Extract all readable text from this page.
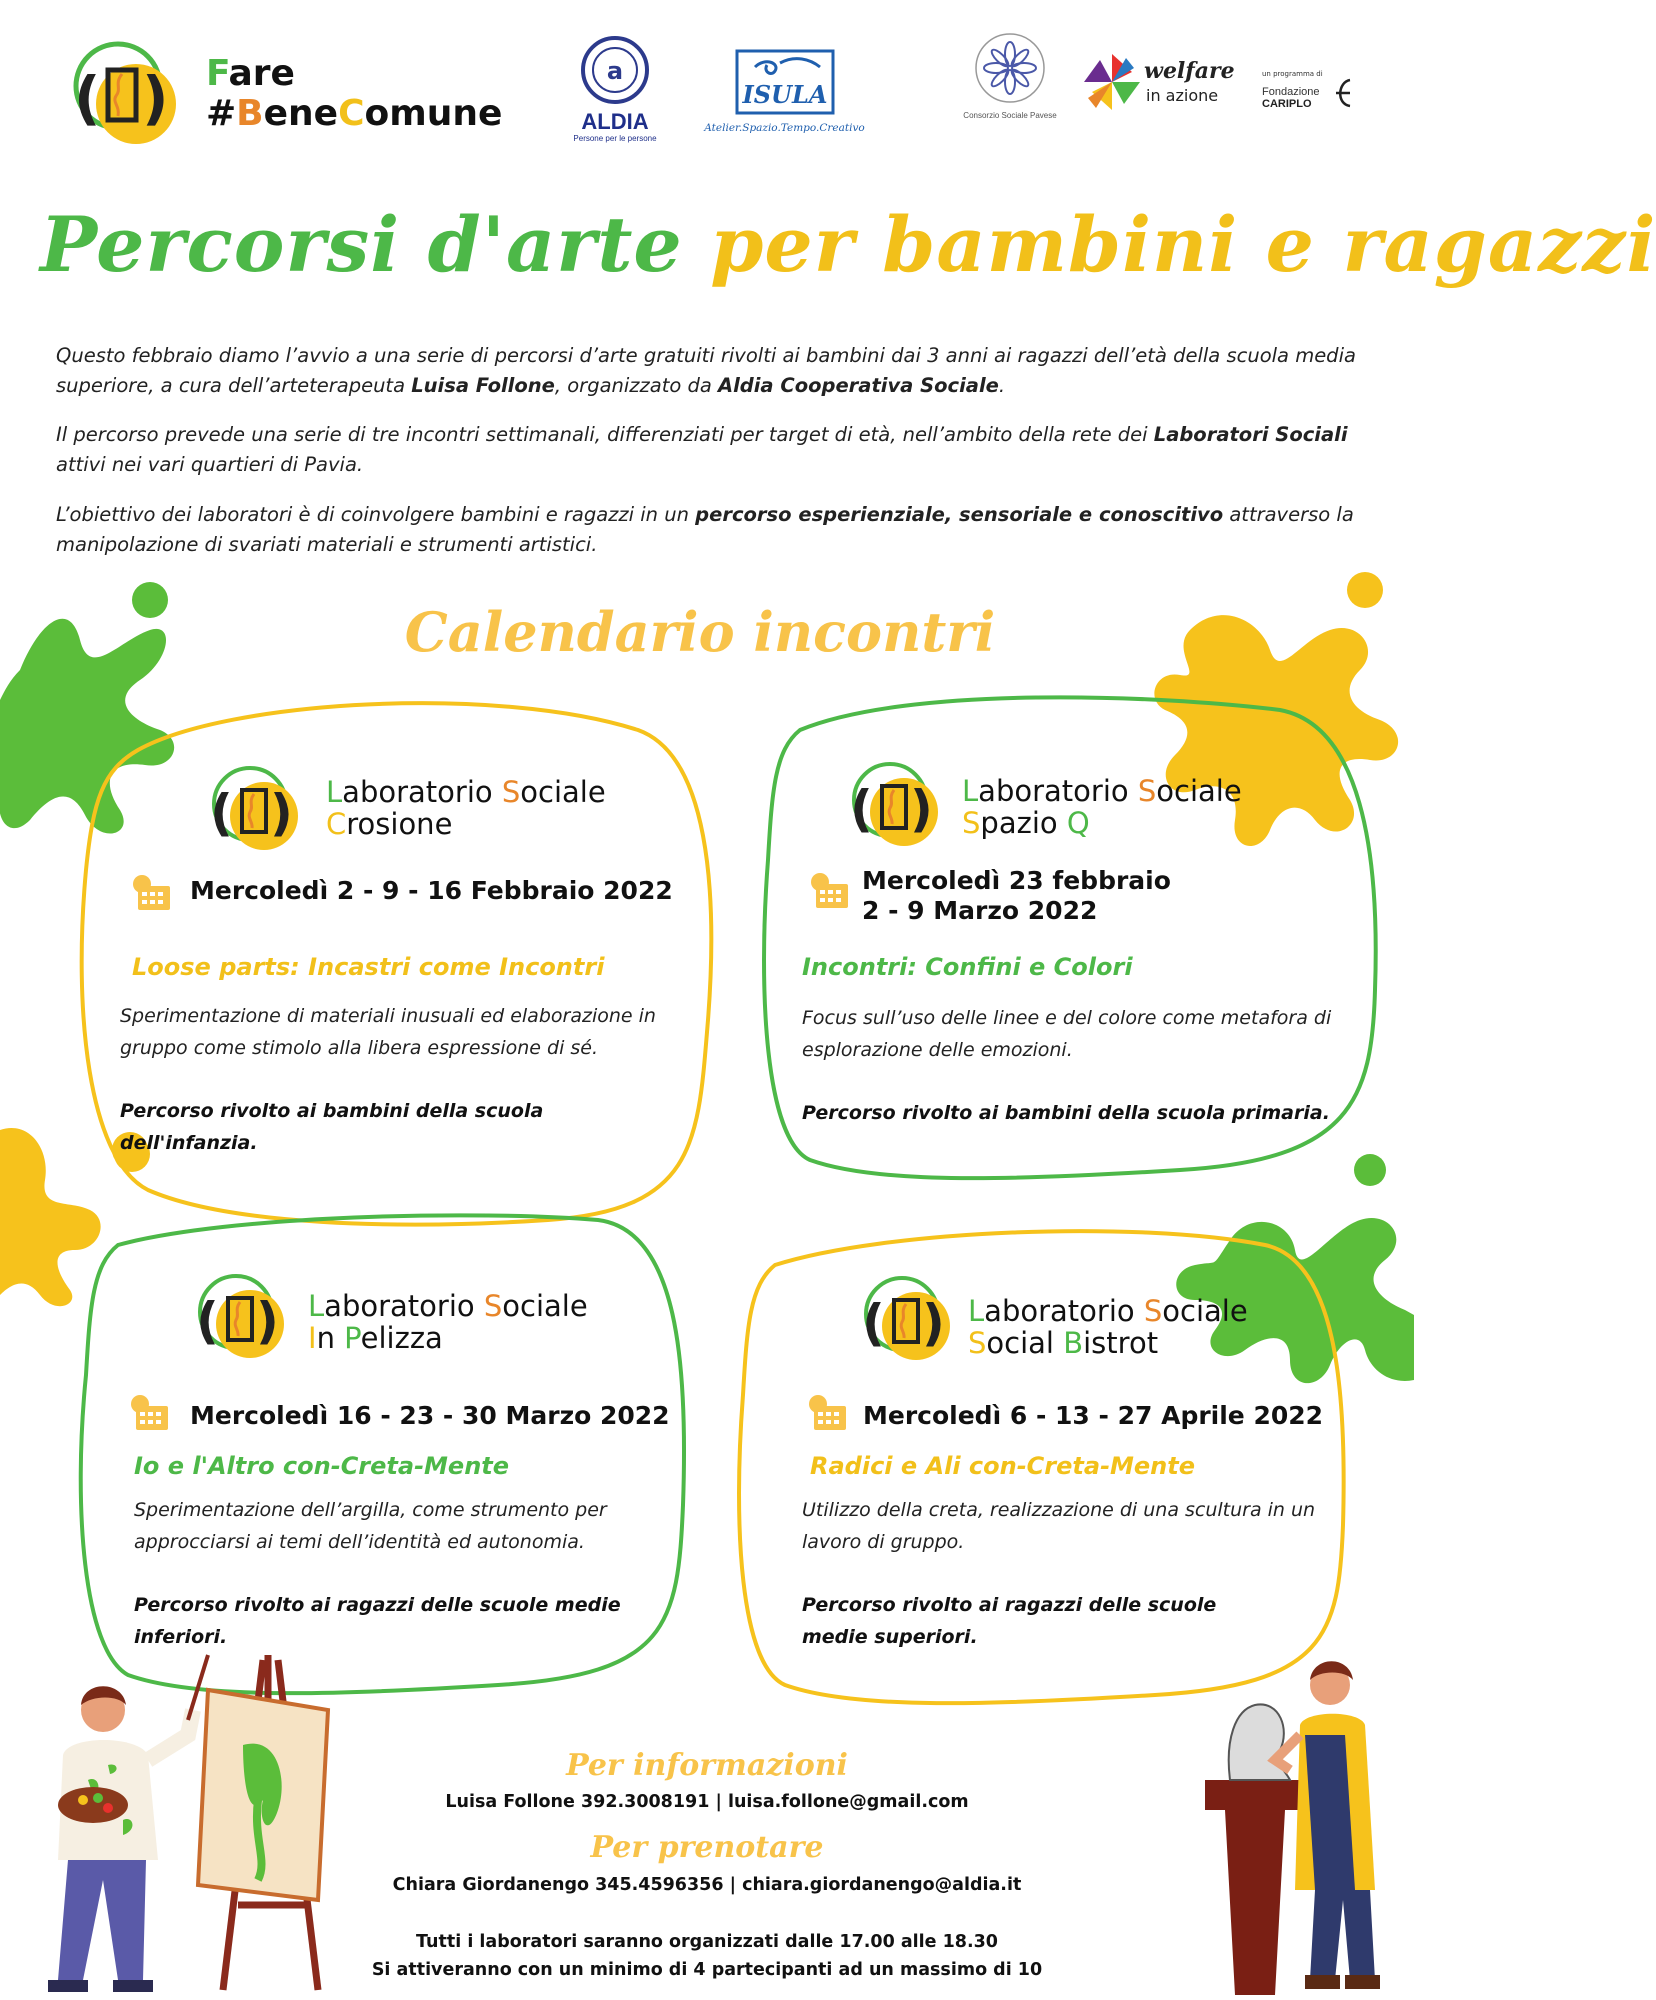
( ) Fare
#BeneComune
a
ALDIA
Persone per le persone
ISULA
Atelier.Spazio.Tempo.Creativo
Consorzio Sociale Pavese
welfare
in azione
un programma di
Fondazione
CARIPLO
Percorsi d'arte per bambini e ragazzi

Questo febbraio diamo l’avvio a una serie di percorsi d’arte gratuiti rivolti ai bambini dai 3 anni ai ragazzi dell’età della scuola media superiore, a cura dell’arteterapeuta Luisa Follone, organizzato da Aldia Cooperativa Sociale.

Il percorso prevede una serie di tre incontri settimanali, differenziati per target di età, nell’ambito della rete dei Laboratori Sociali attivi nei vari quartieri di Pavia.

L’obiettivo dei laboratori è di coinvolgere bambini e ragazzi in un percorso esperienziale, sensoriale e conoscitivo attraverso la manipolazione di svariati materiali e strumenti artistici.

Calendario incontri
( ) Laboratorio Sociale
Crosione
Mercoledì 2 - 9 - 16 Febbraio 2022
Loose parts: Incastri come Incontri
Sperimentazione di materiali inusuali ed elaborazione in gruppo come stimolo alla libera espressione di sé.
Percorso rivolto ai bambini della scuola dell'infanzia.
( ) Laboratorio Sociale
Spazio Q
Mercoledì 23 febbraio
2 - 9 Marzo 2022
Incontri: Confini e Colori
Focus sull’uso delle linee e del colore come metafora di esplorazione delle emozioni.
Percorso rivolto ai bambini della scuola primaria.
( ) Laboratorio Sociale
In Pelizza
Mercoledì 16 - 23 - 30 Marzo 2022
Io e l'Altro con-Creta-Mente
Sperimentazione dell’argilla, come strumento per approcciarsi ai temi dell’identità ed autonomia.
Percorso rivolto ai ragazzi delle scuole medie inferiori.
( ) Laboratorio Sociale
Social Bistrot
Mercoledì 6 - 13 - 27 Aprile 2022
Radici e Ali con-Creta-Mente
Utilizzo della creta, realizzazione di una scultura in un lavoro di gruppo.
Percorso rivolto ai ragazzi delle scuole medie superiori.
Per informazioni
Luisa Follone 392.3008191 | luisa.follone@gmail.com
Per prenotare
Chiara Giordanengo 345.4596356 | chiara.giordanengo@aldia.it
Tutti i laboratori saranno organizzati dalle 17.00 alle 18.30
Si attiveranno con un minimo di 4 partecipanti ad un massimo di 10
